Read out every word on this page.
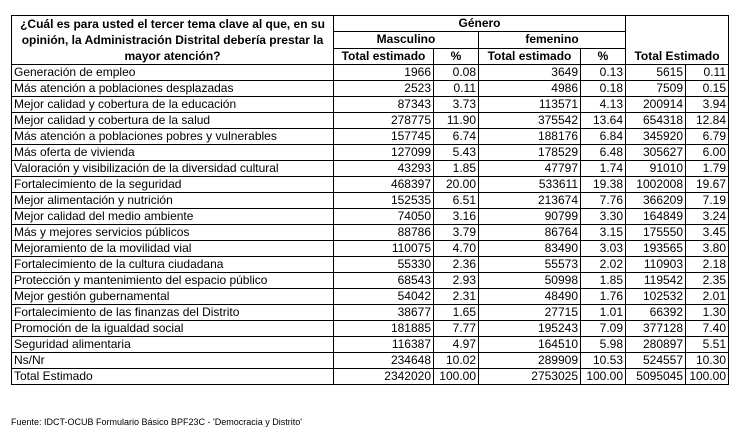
¿Cuál es para usted el tercer tema clave al que, en su opinión, la Administración Distrital debería prestar la mayor atención?	Género					
	Masculino		femenino			
	Total estimado	%	Total estimado	%	Total Estimado	
Generación de empleo	1966	0.08	3649	0.13	5615	0.11
Más atención a poblaciones desplazadas	2523	0.11	4986	0.18	7509	0.15
Mejor calidad y cobertura de la educación	87343	3.73	113571	4.13	200914	3.94
Mejor calidad y cobertura de la salud	278775	11.90	375542	13.64	654318	12.84
Más atención a poblaciones pobres y vulnerables	157745	6.74	188176	6.84	345920	6.79
Más oferta de vivienda	127099	5.43	178529	6.48	305627	6.00
Valoración y visibilización de la diversidad cultural	43293	1.85	47797	1.74	91010	1.79
Fortalecimiento de la seguridad	468397	20.00	533611	19.38	1002008	19.67
Mejor alimentación y nutrición	152535	6.51	213674	7.76	366209	7.19
Mejor calidad del medio ambiente	74050	3.16	90799	3.30	164849	3.24
Más y mejores servicios públicos	88786	3.79	86764	3.15	175550	3.45
Mejoramiento de la movilidad vial	110075	4.70	83490	3.03	193565	3.80
Fortalecimiento de la cultura ciudadana	55330	2.36	55573	2.02	110903	2.18
Protección y mantenimiento del espacio público	68543	2.93	50998	1.85	119542	2.35
Mejor gestión gubernamental	54042	2.31	48490	1.76	102532	2.01
Fortalecimiento de las finanzas del Distrito	38677	1.65	27715	1.01	66392	1.30
Promoción de la igualdad social	181885	7.77	195243	7.09	377128	7.40
Seguridad alimentaria	116387	4.97	164510	5.98	280897	5.51
Ns/Nr	234648	10.02	289909	10.53	524557	10.30
Total Estimado	2342020	100.00	2753025	100.00	5095045	100.00
Fuente: IDCT-OCUB Formulario Básico BPF23C - 'Democracia y Distrito'
